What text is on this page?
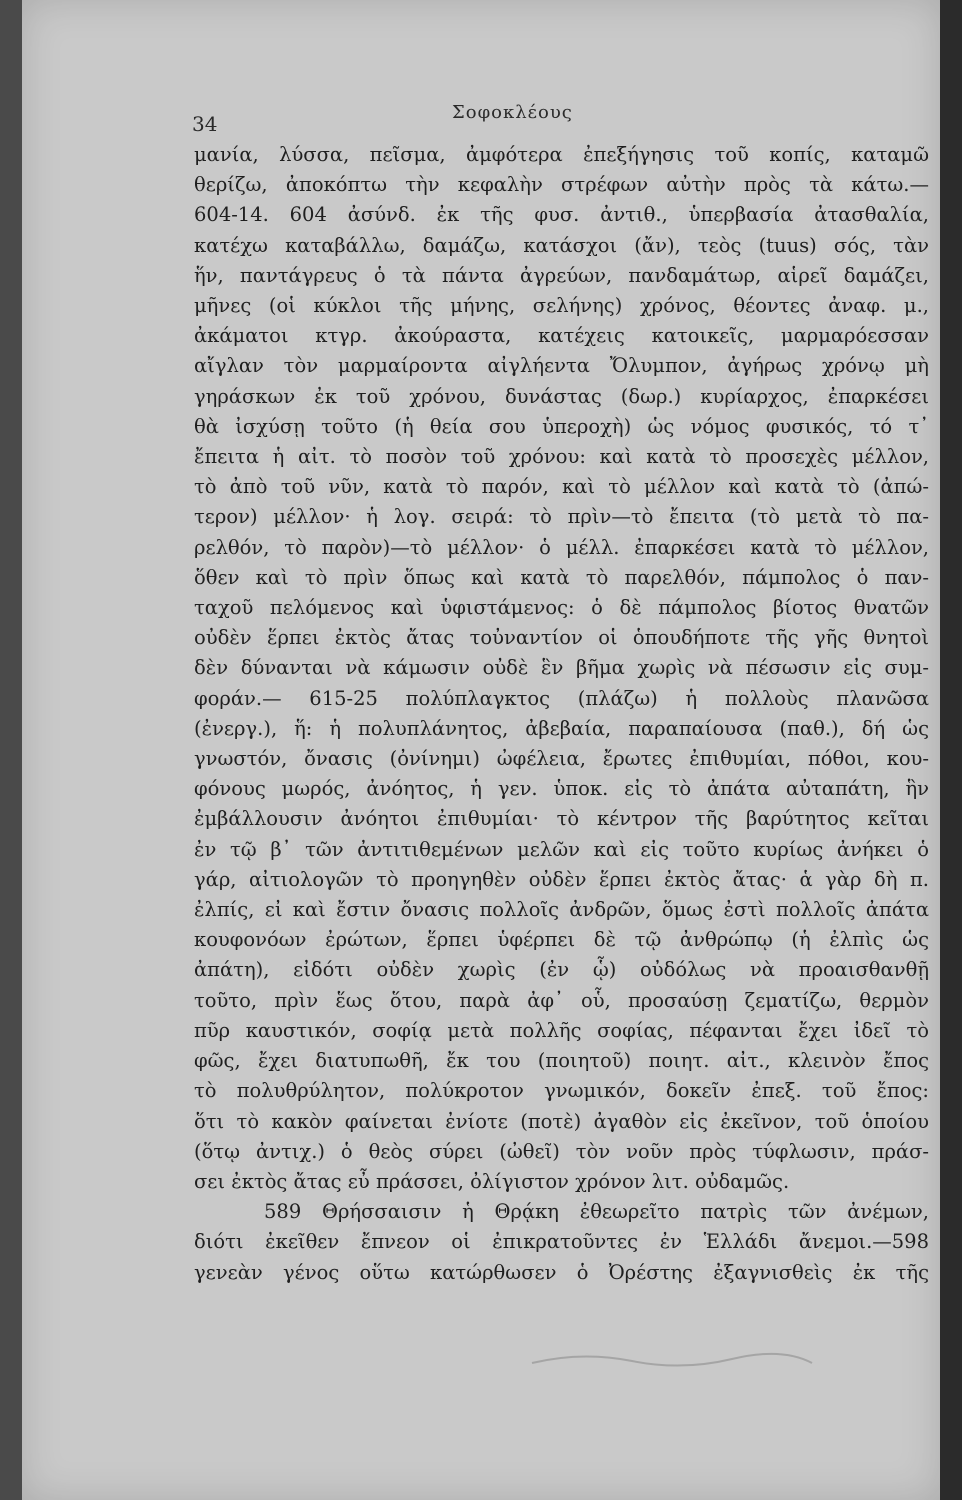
34	Σοφοκλέους
μανία, λύσσα, πεῖσμα, ἀμφότερα ἐπεξήγησις τοῦ κοπίς, καταμῶ
θερίζω, ἀποκόπτω τὴν κεφαλὴν στρέφων αὐτὴν πρὸς τὰ κάτω.—
604-14. 604 ἀσύνδ. ἐκ τῆς φυσ. ἀντιθ., ὑπερβασία ἀτασθαλία,
κατέχω καταβάλλω, δαμάζω, κατάσχοι (ἄν), τεὸς (tuus) σός, τὰν
ἥν, παντάγρευς ὁ τὰ πάντα ἀγρεύων, πανδαμάτωρ, αἱρεῖ δαμάζει,
μῆνες (οἱ κύκλοι τῆς μήνης, σελήνης) χρόνος, θέοντες ἀναφ. μ.,
ἀκάματοι κτγρ. ἀκούραστα, κατέχεις κατοικεῖς, μαρμαρόεσσαν
αἴγλαν τὸν μαρμαίροντα αἰγλήεντα Ὄλυμπον, ἀγήρως χρόνῳ μὴ
γηράσκων ἐκ τοῦ χρόνου, δυνάστας (δωρ.) κυρίαρχος, ἐπαρκέσει
θὰ ἰσχύσῃ τοῦτο (ἡ θεία σου ὑπεροχὴ) ὡς νόμος φυσικός, τό τ᾽
ἔπειτα ἡ αἰτ. τὸ ποσὸν τοῦ χρόνου: καὶ κατὰ τὸ προσεχὲς μέλλον,
τὸ ἀπὸ τοῦ νῦν, κατὰ τὸ παρόν, καὶ τὸ μέλλον καὶ κατὰ τὸ (ἀπώ-
τερον) μέλλον· ἡ λογ. σειρά: τὸ πρὶν—τὸ ἔπειτα (τὸ μετὰ τὸ πα-
ρελθόν, τὸ παρὸν)—τὸ μέλλον· ὁ μέλλ. ἐπαρκέσει κατὰ τὸ μέλλον,
ὅθεν καὶ τὸ πρὶν ὅπως καὶ κατὰ τὸ παρελθόν, πάμπολος ὁ παν-
ταχοῦ πελόμενος καὶ ὑφιστάμενος: ὁ δὲ πάμπολος βίοτος θνατῶν
οὐδὲν ἕρπει ἐκτὸς ἄτας τοὐναντίον οἱ ὁπουδήποτε τῆς γῆς θνητοὶ
δὲν δύνανται νὰ κάμωσιν οὐδὲ ἓν βῆμα χωρὶς νὰ πέσωσιν εἰς συμ-
φοράν.— 615-25 πολύπλαγκτος (πλάζω) ἡ πολλοὺς πλανῶσα
(ἐνεργ.), ἥ: ἡ πολυπλάνητος, ἀβεβαία, παραπαίουσα (παθ.), δή ὡς
γνωστόν, ὄνασις (ὀνίνημι) ὠφέλεια, ἔρωτες ἐπιθυμίαι, πόθοι, κου-
φόνους μωρός, ἀνόητος, ἡ γεν. ὑποκ. εἰς τὸ ἀπάτα αὐταπάτη, ἣν
ἐμβάλλουσιν ἀνόητοι ἐπιθυμίαι· τὸ κέντρον τῆς βαρύτητος κεῖται
ἐν τῷ β᾽ τῶν ἀντιτιθεμένων μελῶν καὶ εἰς τοῦτο κυρίως ἀνήκει ὁ
γάρ, αἰτιολογῶν τὸ προηγηθὲν οὐδὲν ἕρπει ἐκτὸς ἄτας· ἁ γὰρ δὴ π.
ἐλπίς, εἰ καὶ ἔστιν ὄνασις πολλοῖς ἀνδρῶν, ὅμως ἐστὶ πολλοῖς ἀπάτα
κουφονόων ἐρώτων, ἕρπει ὑφέρπει δὲ τῷ ἀνθρώπῳ (ἡ ἐλπὶς ὡς
ἀπάτη), εἰδότι οὐδὲν χωρὶς (ἐν ᾧ) οὐδόλως νὰ προαισθανθῇ
τοῦτο, πρὶν ἕως ὅτου, παρὰ ἀφ᾽ οὗ, προσαύσῃ ζεματίζω, θερμὸν
πῦρ καυστικόν, σοφίᾳ μετὰ πολλῆς σοφίας, πέφανται ἔχει ἰδεῖ τὸ
φῶς, ἔχει διατυπωθῆ, ἔκ του (ποιητοῦ) ποιητ. αἰτ., κλεινὸν ἔπος
τὸ πολυθρύλητον, πολύκροτον γνωμικόν, δοκεῖν ἐπεξ. τοῦ ἔπος:
ὅτι τὸ κακὸν φαίνεται ἐνίοτε (ποτὲ) ἀγαθὸν εἰς ἐκεῖνον, τοῦ ὁποίου
(ὅτῳ ἀντιχ.) ὁ θεὸς σύρει (ὠθεῖ) τὸν νοῦν πρὸς τύφλωσιν, πράσ-
σει ἐκτὸς ἄτας εὖ πράσσει, ὀλίγιστον χρόνον λιτ. οὐδαμῶς.
589 Θρήσσαισιν ἡ Θρᾴκη ἐθεωρεῖτο πατρὶς τῶν ἀνέμων,
διότι ἐκεῖθεν ἔπνεον οἱ ἐπικρατοῦντες ἐν Ἑλλάδι ἄνεμοι.—598
γενεὰν γένος οὕτω κατώρθωσεν ὁ Ὀρέστης ἐξαγνισθεὶς ἐκ τῆς
